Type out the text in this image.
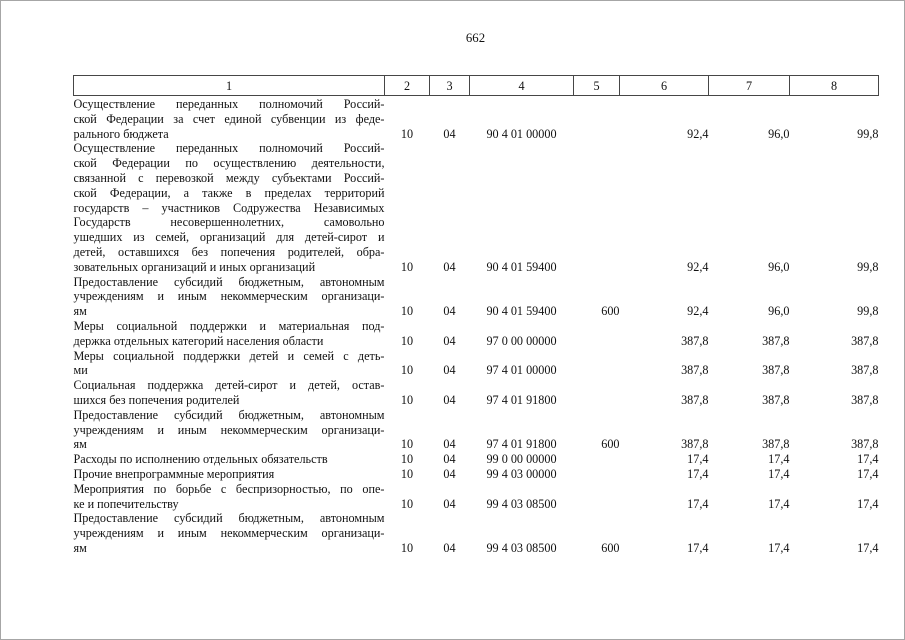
662
1	2	3	4	5	6	7	8

Осуществление переданных полномочий Россий-
ской Федерации за счет единой субвенции из феде-
рального бюджета	10	04	90 4 01 00000		92,4	96,0	99,8

Осуществление переданных полномочий Россий-
ской Федерации по осуществлению деятельности,
связанной с перевозкой между субъектами Россий-
ской Федерации, а также в пределах территорий
государств – участников Содружества Независимых
Государств несовершеннолетних, самовольно
ушедших из семей, организаций для детей-сирот и
детей, оставшихся без попечения родителей, обра-
зовательных организаций и иных организаций	10	04	90 4 01 59400		92,4	96,0	99,8

Предоставление субсидий бюджетным, автономным
учреждениям и иным некоммерческим организаци-
ям	10	04	90 4 01 59400	600	92,4	96,0	99,8

Меры социальной поддержки и материальная под-
держка отдельных категорий населения области	10	04	97 0 00 00000		387,8	387,8	387,8

Меры социальной поддержки детей и семей с деть-
ми	10	04	97 4 01 00000		387,8	387,8	387,8

Социальная поддержка детей-сирот и детей, остав-
шихся без попечения родителей	10	04	97 4 01 91800		387,8	387,8	387,8

Предоставление субсидий бюджетным, автономным
учреждениям и иным некоммерческим организаци-
ям	10	04	97 4 01 91800	600	387,8	387,8	387,8

Расходы по исполнению отдельных обязательств	10	04	99 0 00 00000		17,4	17,4	17,4

Прочие внепрограммные мероприятия	10	04	99 4 03 00000		17,4	17,4	17,4

Мероприятия по борьбе с беспризорностью, по опе-
ке и попечительству	10	04	99 4 03 08500		17,4	17,4	17,4

Предоставление субсидий бюджетным, автономным
учреждениям и иным некоммерческим организаци-
ям	10	04	99 4 03 08500	600	17,4	17,4	17,4
